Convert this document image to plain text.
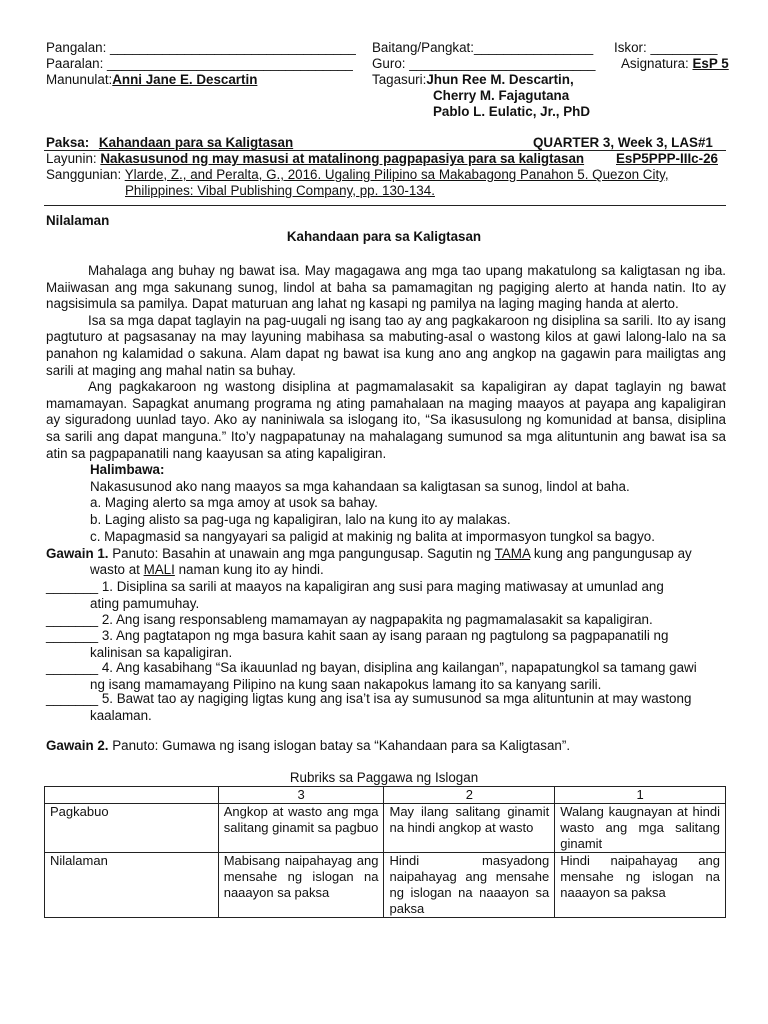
Pangalan: _________________________________ Baitang/Pangkat:________________ Iskor: _________
Paaralan: _________________________________ Guro: _________________________ Asignatura: EsP 5
Manunulat:Anni Jane E. Descartin	Tagasuri:Jhun Ree M. Descartin,
Cherry M. Fajagutana
Pablo L. Eulatic, Jr., PhD
Paksa: Kahandaan para sa Kaligtasan	QUARTER 3, Week 3, LAS#1
Layunin: Nakasusunod ng may masusi at matalinong pagpapasiya para sa kaligtasan EsP5PPP-IIIc-26
Sanggunian: Ylarde, Z., and Peralta, G., 2016. Ugaling Pilipino sa Makabagong Panahon 5. Quezon City,
Philippines: Vibal Publishing Company, pp. 130-134.
Nilalaman
Kahandaan para sa Kaligtasan

Mahalaga ang buhay ng bawat isa. May magagawa ang mga tao upang makatulong sa kaligtasan ng iba. Maiiwasan ang mga sakunang sunog, lindol at baha sa pamamagitan ng pagiging alerto at handa natin. Ito ay nagsisimula sa pamilya. Dapat maturuan ang lahat ng kasapi ng pamilya na laging maging handa at alerto.

Isa sa mga dapat taglayin na pag-uugali ng isang tao ay ang pagkakaroon ng disiplina sa sarili. Ito ay isang pagtuturo at pagsasanay na may layuning mabihasa sa mabuting-asal o wastong kilos at gawi lalong-lalo na sa panahon ng kalamidad o sakuna. Alam dapat ng bawat isa kung ano ang angkop na gagawin para mailigtas ang sarili at maging ang mahal natin sa buhay.

Ang pagkakaroon ng wastong disiplina at pagmamalasakit sa kapaligiran ay dapat taglayin ng bawat mamamayan. Sapagkat anumang programa ng ating pamahalaan na maging maayos at payapa ang kapaligiran ay siguradong uunlad tayo. Ako ay naniniwala sa islogang ito, “Sa ikasusulong ng komunidad at bansa, disiplina sa sarili ang dapat manguna.” Ito’y nagpapatunay na mahalagang sumunod sa mga alituntunin ang bawat isa sa atin sa pagpapanatili nang kaayusan sa ating kapaligiran.

Halimbawa:
Nakasusunod ako nang maayos sa mga kahandaan sa kaligtasan sa sunog, lindol at baha.
a. Maging alerto sa mga amoy at usok sa bahay.
b. Laging alisto sa pag-uga ng kapaligiran, lalo na kung ito ay malakas.
c. Mapagmasid sa nangyayari sa paligid at makinig ng balita at impormasyon tungkol sa bagyo.
Gawain 1. Panuto: Basahin at unawain ang mga pangungusap. Sagutin ng TAMA kung ang pangungusap ay
wasto at MALI naman kung ito ay hindi.
_______ 1. Disiplina sa sarili at maayos na kapaligiran ang susi para maging matiwasay at umunlad ang
ating pamumuhay.
_______ 2. Ang isang responsableng mamamayan ay nagpapakita ng pagmamalasakit sa kapaligiran.
_______ 3. Ang pagtatapon ng mga basura kahit saan ay isang paraan ng pagtulong sa pagpapanatili ng
kalinisan sa kapaligiran.
_______ 4. Ang kasabihang “Sa ikauunlad ng bayan, disiplina ang kailangan”, napapatungkol sa tamang gawi
ng isang mamamayang Pilipino na kung saan nakapokus lamang ito sa kanyang sarili.
_______ 5. Bawat tao ay nagiging ligtas kung ang isa’t isa ay sumusunod sa mga alituntunin at may wastong
kaalaman.
Gawain 2. Panuto: Gumawa ng isang islogan batay sa “Kahandaan para sa Kaligtasan”.
Rubriks sa Paggawa ng Islogan
	3	2	1
Pagkabuo	Angkop at wasto ang mga salitang ginamit sa pagbuo	May ilang salitang ginamit na hindi angkop at wasto	Walang kaugnayan at hindi wasto ang mga salitang ginamit
Nilalaman	Mabisang naipahayag ang mensahe ng islogan na naaayon sa paksa	Hindi masyadong naipahayag ang mensahe ng islogan na naaayon sa paksa	Hindi naipahayag ang mensahe ng islogan na naaayon sa paksa
